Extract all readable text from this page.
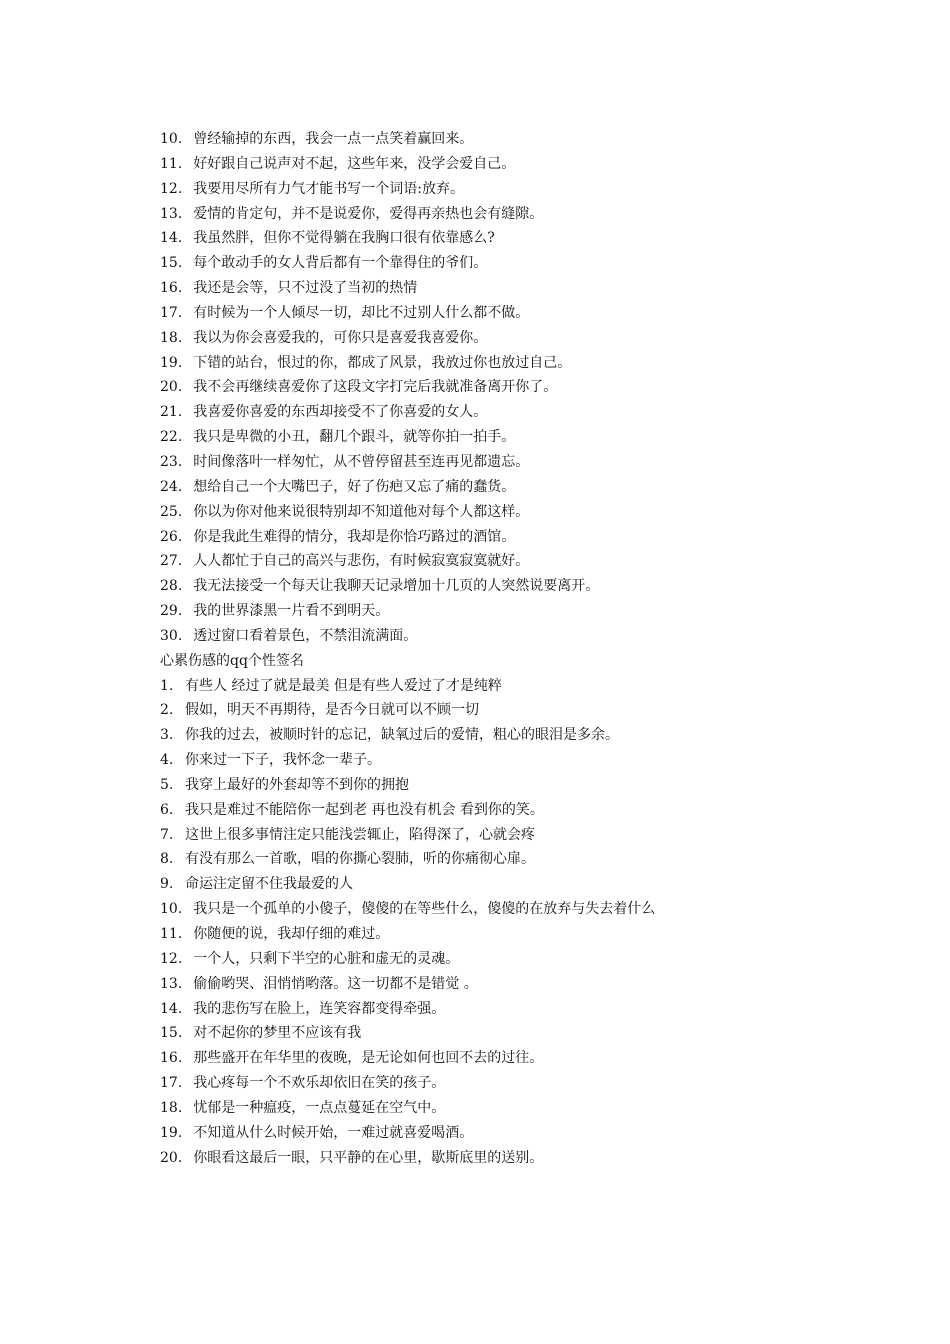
10. 曾经输掉的东西，我会一点一点笑着赢回来。
11. 好好跟自己说声对不起，这些年来，没学会爱自己。
12. 我要用尽所有力气才能书写一个词语:放弃。
13. 爱情的肯定句，并不是说爱你，爱得再亲热也会有缝隙。
14. 我虽然胖，但你不觉得躺在我胸口很有依靠感么?
15. 每个敢动手的女人背后都有一个靠得住的爷们。
16. 我还是会等，只不过没了当初的热情
17. 有时候为一个人倾尽一切，却比不过别人什么都不做。
18. 我以为你会喜爱我的，可你只是喜爱我喜爱你。
19. 下错的站台，恨过的你，都成了风景，我放过你也放过自己。
20. 我不会再继续喜爱你了这段文字打完后我就准备离开你了。
21. 我喜爱你喜爱的东西却接受不了你喜爱的女人。
22. 我只是卑微的小丑，翻几个跟斗，就等你拍一拍手。
23. 时间像落叶一样匆忙，从不曾停留甚至连再见都遗忘。
24. 想给自己一个大嘴巴子，好了伤疤又忘了痛的蠢货。
25. 你以为你对他来说很特别却不知道他对每个人都这样。
26. 你是我此生难得的情分，我却是你恰巧路过的酒馆。
27. 人人都忙于自己的高兴与悲伤，有时候寂寞寂寞就好。
28. 我无法接受一个每天让我聊天记录增加十几页的人突然说要离开。
29. 我的世界漆黑一片看不到明天。
30. 透过窗口看着景色，不禁泪流满面。
心累伤感的qq个性签名
1. 有些人 经过了就是最美 但是有些人爱过了才是纯粹
2. 假如，明天不再期待，是否今日就可以不顾一切
3. 你我的过去，被顺时针的忘记，缺氧过后的爱情，粗心的眼泪是多余。
4. 你来过一下子，我怀念一辈子。
5. 我穿上最好的外套却等不到你的拥抱
6. 我只是难过不能陪你一起到老 再也没有机会 看到你的笑。
7. 这世上很多事情注定只能浅尝辄止，陷得深了，心就会疼
8. 有没有那么一首歌，唱的你撕心裂肺，听的你痛彻心扉。
9. 命运注定留不住我最爱的人
10. 我只是一个孤单的小傻子，傻傻的在等些什么，傻傻的在放弃与失去着什么
11. 你随便的说，我却仔细的难过。
12. 一个人，只剩下半空的心脏和虚无的灵魂。
13. 偷偷哟哭、泪悄悄哟落。这一切都不是错觉 。
14. 我的悲伤写在脸上，连笑容都变得牵强。
15. 对不起你的梦里不应该有我
16. 那些盛开在年华里的夜晚，是无论如何也回不去的过往。
17. 我心疼每一个不欢乐却依旧在笑的孩子。
18. 忧郁是一种瘟疫，一点点蔓延在空气中。
19. 不知道从什么时候开始，一难过就喜爱喝酒。
20. 你眼看这最后一眼，只平静的在心里，歇斯底里的送别。
